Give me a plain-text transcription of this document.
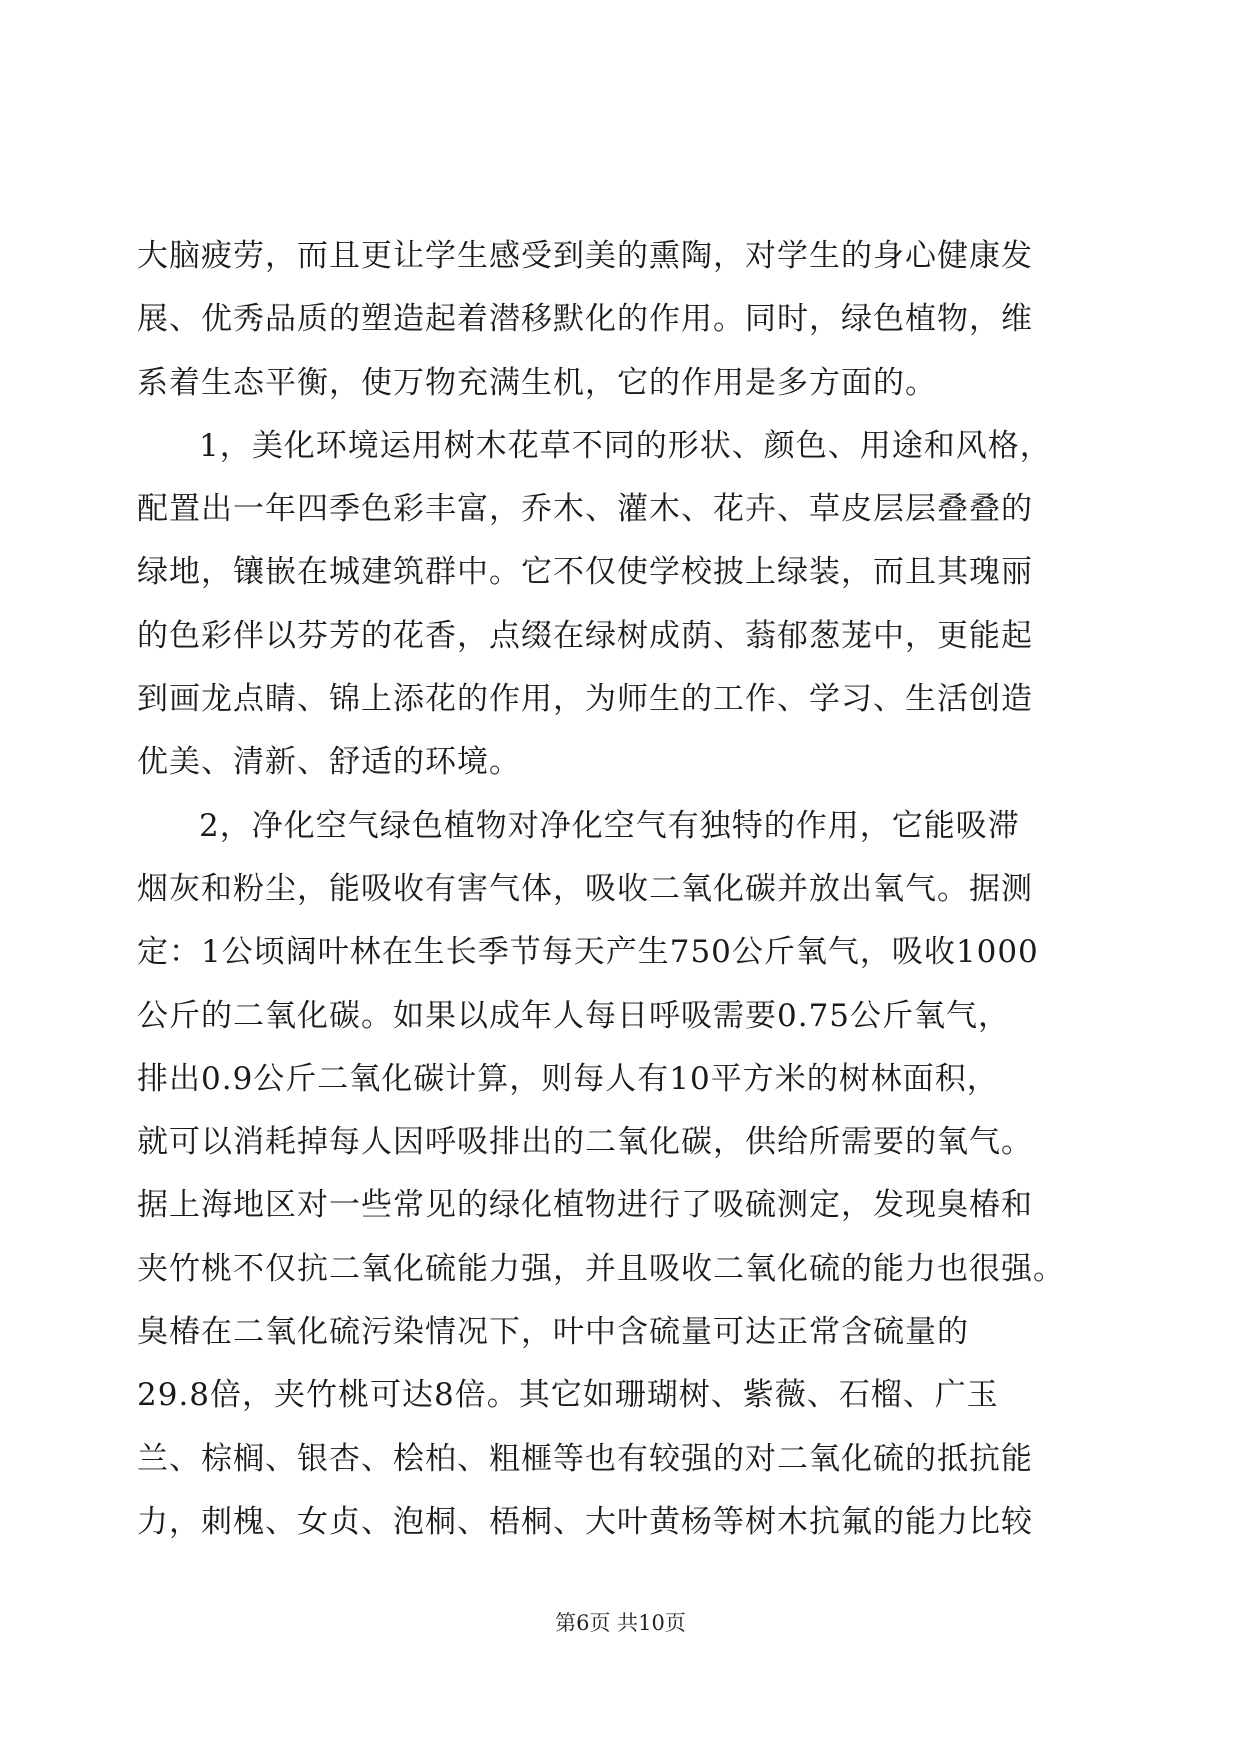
大脑疲劳，而且更让学生感受到美的熏陶，对学生的身心健康发
展、优秀品质的塑造起着潜移默化的作用。同时，绿色植物，维
系着生态平衡，使万物充满生机，它的作用是多方面的。
1，美化环境运用树木花草不同的形状、颜色、用途和风格，
配置出一年四季色彩丰富，乔木、灌木、花卉、草皮层层叠叠的
绿地，镶嵌在城建筑群中。它不仅使学校披上绿装，而且其瑰丽
的色彩伴以芬芳的花香，点缀在绿树成荫、蓊郁葱茏中，更能起
到画龙点睛、锦上添花的作用，为师生的工作、学习、生活创造
优美、清新、舒适的环境。
2，净化空气绿色植物对净化空气有独特的作用，它能吸滞
烟灰和粉尘，能吸收有害气体，吸收二氧化碳并放出氧气。据测
定：1公顷阔叶林在生长季节每天产生750公斤氧气，吸收1000
公斤的二氧化碳。如果以成年人每日呼吸需要0.75公斤氧气，
排出0.9公斤二氧化碳计算，则每人有10平方米的树林面积，
就可以消耗掉每人因呼吸排出的二氧化碳，供给所需要的氧气。
据上海地区对一些常见的绿化植物进行了吸硫测定，发现臭椿和
夹竹桃不仅抗二氧化硫能力强，并且吸收二氧化硫的能力也很强。
臭椿在二氧化硫污染情况下，叶中含硫量可达正常含硫量的
29.8倍，夹竹桃可达8倍。其它如珊瑚树、紫薇、石榴、广玉
兰、棕榈、银杏、桧柏、粗榧等也有较强的对二氧化硫的抵抗能
力，刺槐、女贞、泡桐、梧桐、大叶黄杨等树木抗氟的能力比较
第6页 共10页
